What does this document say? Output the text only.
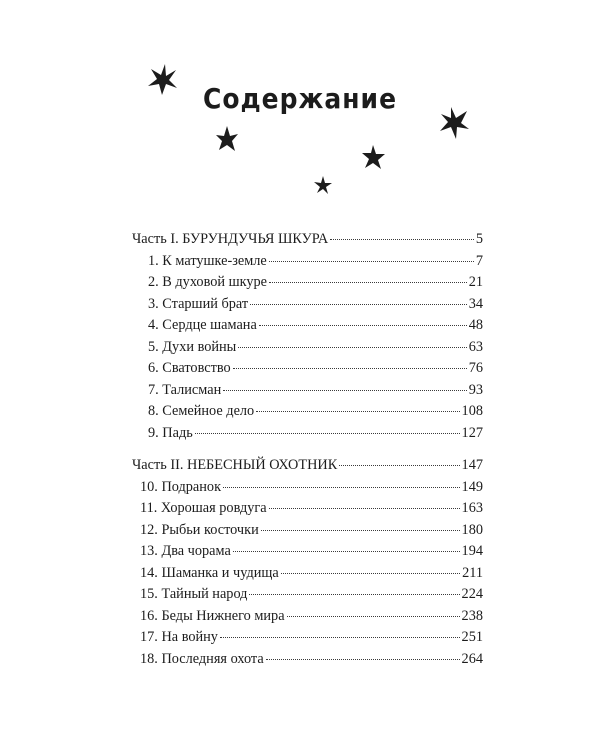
Содержание
Часть I. БУРУНДУЧЬЯ ШКУРА	5
1. К матушке-земле	7
2. В духовой шкуре	21
3. Старший брат	34
4. Сердце шамана	48
5. Духи войны	63
6. Сватовство	76
7. Талисман	93
8. Семейное дело	108
9. Падь	127
Часть II. НЕБЕСНЫЙ ОХОТНИК	147
10. Подранок	149
11. Хорошая ровдуга	163
12. Рыбьи косточки	180
13. Два чорама	194
14. Шаманка и чудища	211
15. Тайный народ	224
16. Беды Нижнего мира	238
17. На войну	251
18. Последняя охота	264
